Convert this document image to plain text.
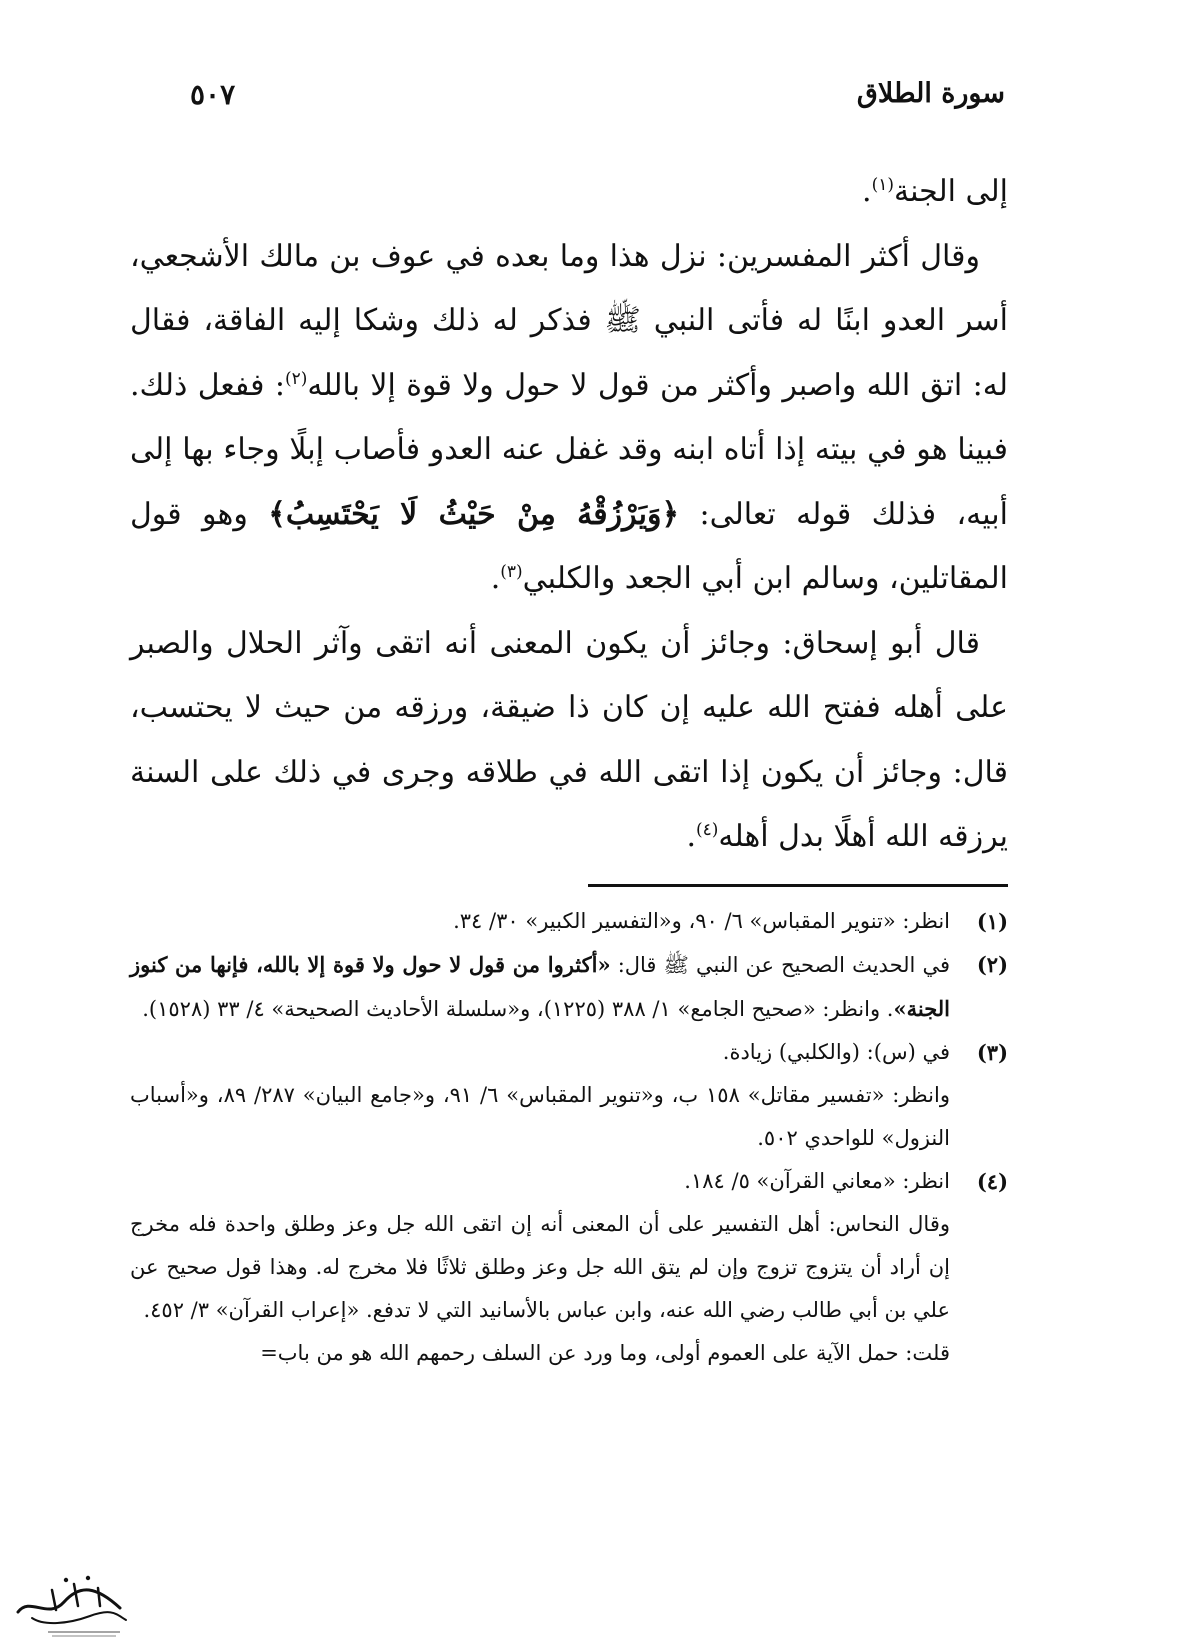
سورة الطلاق
٥٠٧

إلى الجنة$^{(١)}$.

وقال أكثر المفسرين: نزل هذا وما بعده في عوف بن مالك الأشجعي، أسر العدو ابنًا له فأتى النبي ﷺ فذكر له ذلك وشكا إليه الفاقة، فقال له: اتق الله واصبر وأكثر من قول لا حول ولا قوة إلا بالله$^{(٢)}$: ففعل ذلك. فبينا هو في بيته إذا أتاه ابنه وقد غفل عنه العدو فأصاب إبلًا وجاء بها إلى أبيه، فذلك قوله تعالى: ﴿وَيَرْزُقْهُ مِنْ حَيْثُ لَا يَحْتَسِبُ﴾ وهو قول المقاتلين، وسالم ابن أبي الجعد والكلبي$^{(٣)}$.

قال أبو إسحاق: وجائز أن يكون المعنى أنه اتقى وآثر الحلال والصبر على أهله ففتح الله عليه إن كان ذا ضيقة، ورزقه من حيث لا يحتسب، قال: وجائز أن يكون إذا اتقى الله في طلاقه وجرى في ذلك على السنة يرزقه الله أهلًا بدل أهله$^{(٤)}$.

(١)
انظر: «تنوير المقباس» ٦/ ٩٠، و«التفسير الكبير» ٣٠/ ٣٤.
(٢)
في الحديث الصحيح عن النبي ﷺ قال: «أكثروا من قول لا حول ولا قوة إلا بالله، فإنها من كنوز الجنة». وانظر: «صحيح الجامع» ١/ ٣٨٨ (١٢٢٥)، و«سلسلة الأحاديث الصحيحة» ٤/ ٣٣ (١٥٢٨).
(٣)
في (س): (والكلبي) زيادة.
وانظر: «تفسير مقاتل» ١٥٨ ب، و«تنوير المقباس» ٦/ ٩١، و«جامع البيان» ٢٨٧/ ٨٩، و«أسباب النزول» للواحدي ٥٠٢.
(٤)
انظر: «معاني القرآن» ٥/ ١٨٤.
وقال النحاس: أهل التفسير على أن المعنى أنه إن اتقى الله جل وعز وطلق واحدة فله مخرج إن أراد أن يتزوج تزوج وإن لم يتق الله جل وعز وطلق ثلاثًا فلا مخرج له. وهذا قول صحيح عن علي بن أبي طالب رضي الله عنه، وابن عباس بالأسانيد التي لا تدفع. «إعراب القرآن» ٣/ ٤٥٢.
قلت: حمل الآية على العموم أولى، وما ورد عن السلف رحمهم الله هو من باب=
